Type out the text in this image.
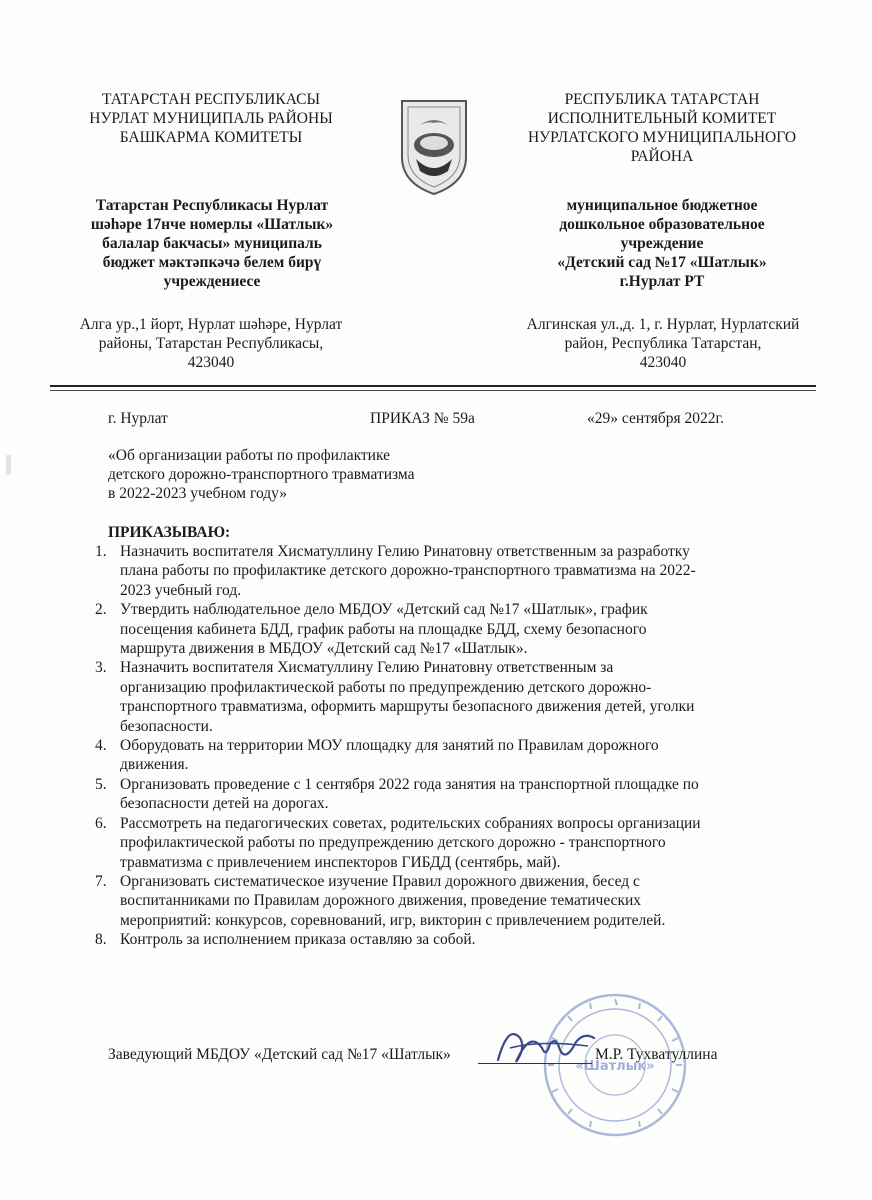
ТАТАРСТАН РЕСПУБЛИКАСЫ
НУРЛАТ МУНИЦИПАЛЬ РАЙОНЫ
БАШКАРМА КОМИТЕТЫ
Татарстан Республикасы Нурлат
шәһәре 17нче номерлы «Шатлык»
балалар бакчасы» муниципаль
бюджет мәктәпкәчә белем бирү
учреждениесе
Алга ур.,1 йорт, Нурлат шәһәре, Нурлат
районы, Татарстан Республикасы,
423040
РЕСПУБЛИКА ТАТАРСТАН
ИСПОЛНИТЕЛЬНЫЙ КОМИТЕТ
НУРЛАТСКОГО МУНИЦИПАЛЬНОГО
РАЙОНА
муниципальное бюджетное
дошкольное образовательное
учреждение
«Детский сад №17 «Шатлык»
г.Нурлат РТ
Алгинская ул.,д. 1, г. Нурлат, Нурлатский
район, Республика Татарстан,
423040
г. Нурлат	ПРИКАЗ № 59а	«29» сентября 2022г.
«Об организации работы по профилактике
детского дорожно-транспортного травматизма
в 2022-2023 учебном году»
ПРИКАЗЫВАЮ:
1. Назначить воспитателя Хисматуллину Гелию Ринатовну ответственным за разработку
плана работы по профилактике детского дорожно-транспортного травматизма на 2022-
2023 учебный год.
2. Утвердить наблюдательное дело МБДОУ «Детский сад №17 «Шатлык», график
посещения кабинета БДД, график работы на площадке БДД, схему безопасного
маршрута движения в МБДОУ «Детский сад №17 «Шатлык».
3. Назначить воспитателя Хисматуллину Гелию Ринатовну ответственным за
организацию профилактической работы по предупреждению детского дорожно-
транспортного травматизма, оформить маршруты безопасного движения детей, уголки
безопасности.
4. Оборудовать на территории МОУ площадку для занятий по Правилам дорожного
движения.
5. Организовать проведение с 1 сентября 2022 года занятия на транспортной площадке по
безопасности детей на дорогах.
6. Рассмотреть на педагогических советах, родительских собраниях вопросы организации
профилактической работы по предупреждению детского дорожно - транспортного
травматизма с привлечением инспекторов ГИБДД (сентябрь, май).
7. Организовать систематическое изучение Правил дорожного движения, бесед с
воспитанниками по Правилам дорожного движения, проведение тематических
мероприятий: конкурсов, соревнований, игр, викторин с привлечением родителей.
8. Контроль за исполнением приказа оставляю за собой.
«Шатлык»
Заведующий МБДОУ «Детский сад №17 «Шатлык»	М.Р. Тухватуллина
